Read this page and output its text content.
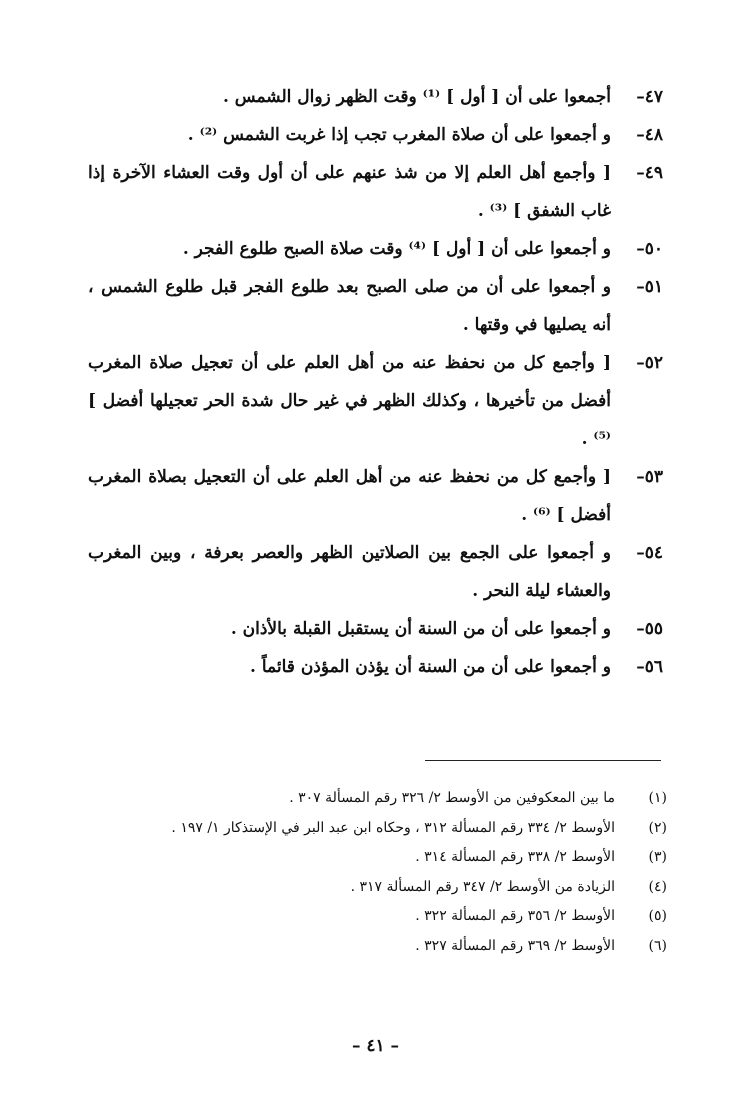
٤٧–
أجمعوا على أن [ أول ] ⁽¹⁾ وقت الظهر زوال الشمس .

٤٨–
و أجمعوا على أن صلاة المغرب تجب إذا غربت الشمس ⁽²⁾ .

٤٩–
[ وأجمع أهل العلم إلا من شذ عنهم على أن أول وقت العشاء الآخرة إذا غاب الشفق ] ⁽³⁾ .

٥٠–
و أجمعوا على أن [ أول ] ⁽⁴⁾ وقت صلاة الصبح طلوع الفجر .

٥١–
و أجمعوا على أن من صلى الصبح بعد طلوع الفجر قبل طلوع الشمس ، أنه يصليها في وقتها .

٥٢–
[ وأجمع كل من نحفظ عنه من أهل العلم على أن تعجيل صلاة المغرب أفضل من تأخيرها ، وكذلك الظهر في غير حال شدة الحر تعجيلها أفضل ] ⁽⁵⁾ .

٥٣–
[ وأجمع كل من نحفظ عنه من أهل العلم على أن التعجيل بصلاة المغرب أفضل ] ⁽⁶⁾ .

٥٤–
و أجمعوا على الجمع بين الصلاتين الظهر والعصر بعرفة ، وبين المغرب والعشاء ليلة النحر .

٥٥–
و أجمعوا على أن من السنة أن يستقبل القبلة بالأذان .

٥٦–
و أجمعوا على أن من السنة أن يؤذن المؤذن قائماً .

(١)
ما بين المعكوفين من الأوسط ٢/ ٣٢٦ رقم المسألة ٣٠٧ .
(٢)
الأوسط ٢/ ٣٣٤ رقم المسألة ٣١٢ ، وحكاه ابن عبد البر في الإستذكار ١/ ١٩٧ .
(٣)
الأوسط ٢/ ٣٣٨ رقم المسألة ٣١٤ .
(٤)
الزيادة من الأوسط ٢/ ٣٤٧ رقم المسألة ٣١٧ .
(٥)
الأوسط ٢/ ٣٥٦ رقم المسألة ٣٢٢ .
(٦)
الأوسط ٢/ ٣٦٩ رقم المسألة ٣٢٧ .
– ٤١ –
